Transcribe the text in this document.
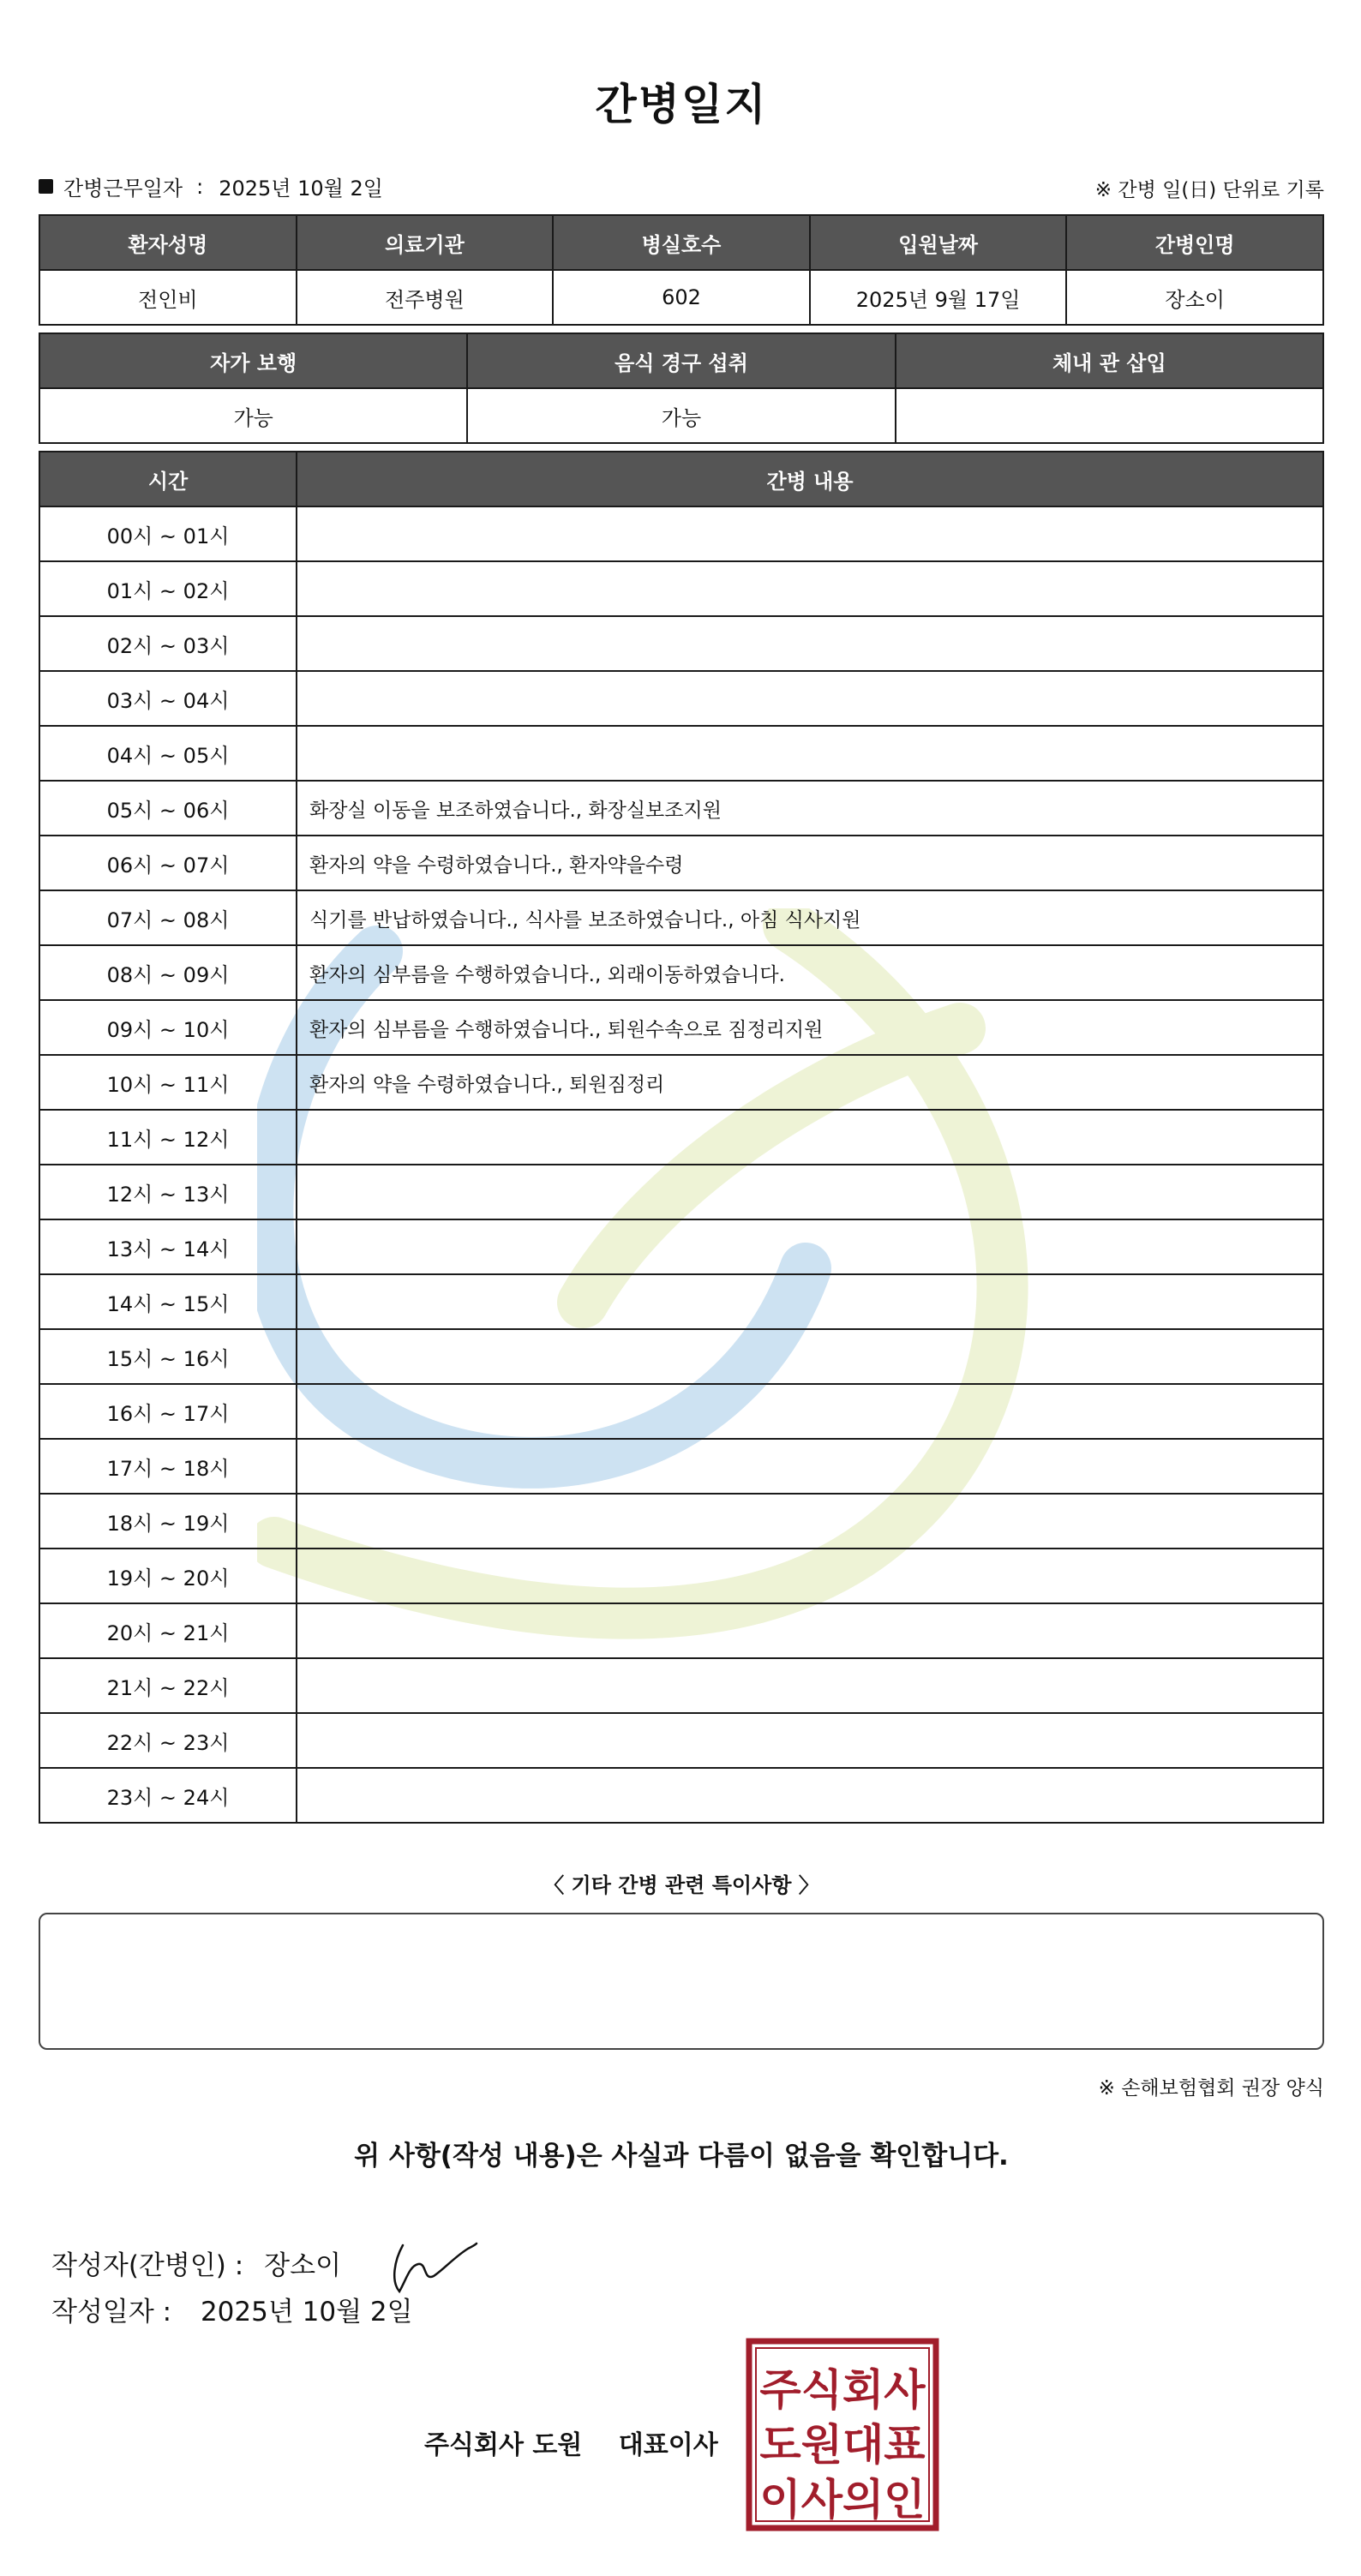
간병일지
간병근무일자 : 2025년 10월 2일	※ 간병 일(日) 단위로 기록
환자성명	의료기관	병실호수	입원날짜	간병인명
전인비	전주병원	602	2025년 9월 17일	장소이
자가 보행	음식 경구 섭취	체내 관 삽입
가능	가능	
시간	간병 내용
00시 ~ 01시	
01시 ~ 02시	
02시 ~ 03시	
03시 ~ 04시	
04시 ~ 05시	
05시 ~ 06시	화장실 이동을 보조하였습니다., 화장실보조지원
06시 ~ 07시	환자의 약을 수령하였습니다., 환자약을수령
07시 ~ 08시	식기를 반납하였습니다., 식사를 보조하였습니다., 아침 식사지원
08시 ~ 09시	환자의 심부름을 수행하였습니다., 외래이동하였습니다.
09시 ~ 10시	환자의 심부름을 수행하였습니다., 퇴원수속으로 짐정리지원
10시 ~ 11시	환자의 약을 수령하였습니다., 퇴원짐정리
11시 ~ 12시	
12시 ~ 13시	
13시 ~ 14시	
14시 ~ 15시	
15시 ~ 16시	
16시 ~ 17시	
17시 ~ 18시	
18시 ~ 19시	
19시 ~ 20시	
20시 ~ 21시	
21시 ~ 22시	
22시 ~ 23시	
23시 ~ 24시	
〈 기타 간병 관련 특이사항 〉
※ 손해보험협회 권장 양식
위 사항(작성 내용)은 사실과 다름이 없음을 확인합니다.
작성자(간병인) : 장소이
작성일자 : 2025년 10월 2일
주식회사 도원 대표이사
주식회사
도원대표
이사의인
